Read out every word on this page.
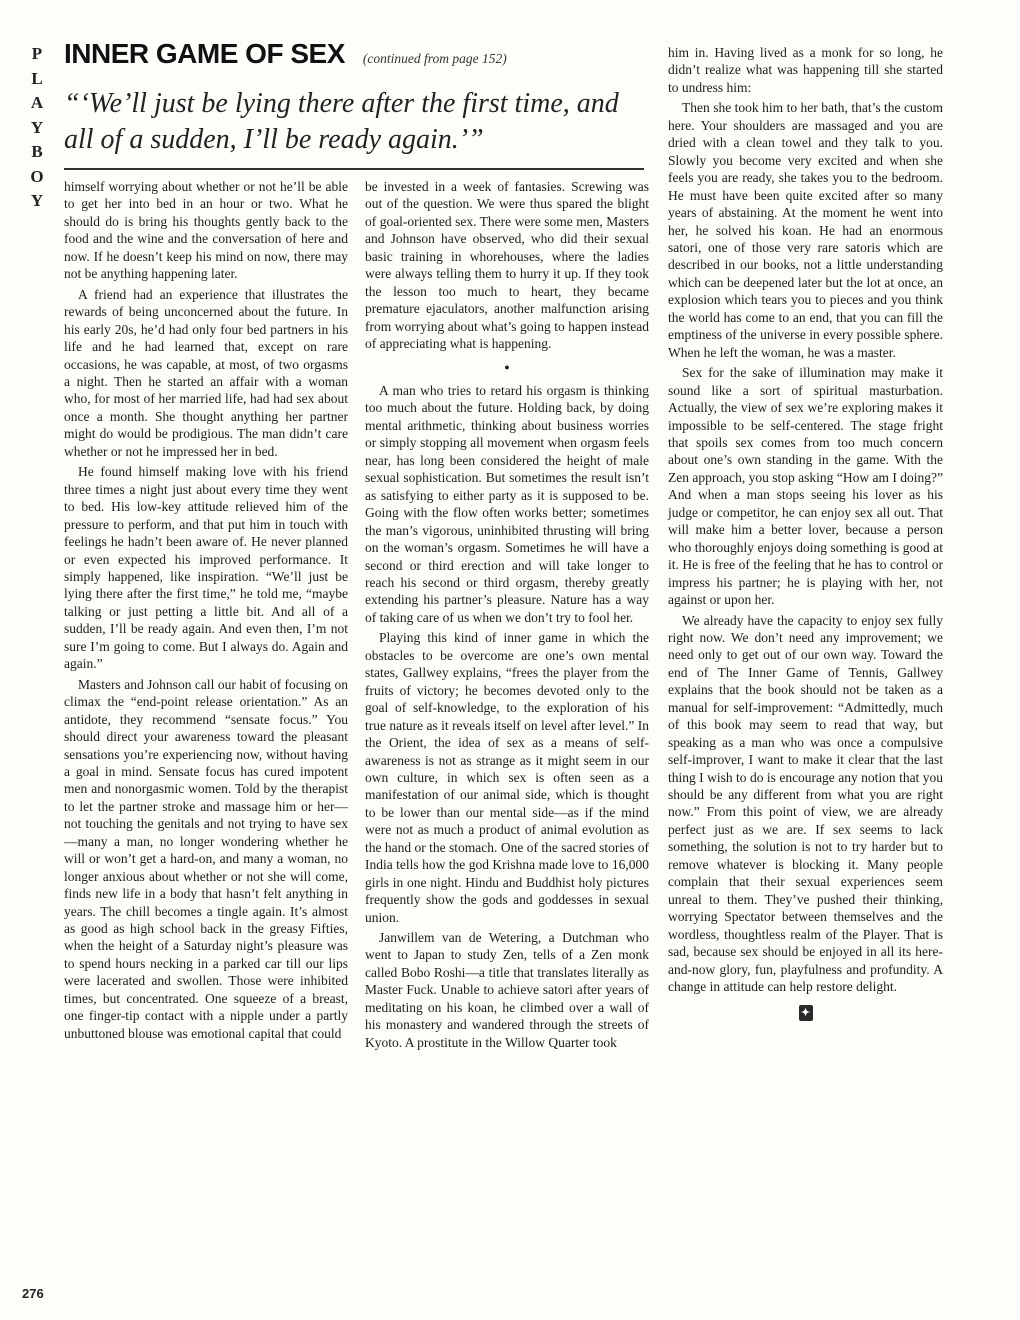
P
L
A
Y
B
O
Y
276
INNER GAME OF SEX (continued from page 152)
“‘We’ll just be lying there after the first time, and all of a sudden, I’ll be ready again.’”

himself worrying about whether or not he’ll be able to get her into bed in an hour or two. What he should do is bring his thoughts gently back to the food and the wine and the conversation of here and now. If he doesn’t keep his mind on now, there may not be anything happening later.

A friend had an experience that illustrates the rewards of being unconcerned about the future. In his early 20s, he’d had only four bed partners in his life and he had learned that, except on rare occasions, he was capable, at most, of two orgasms a night. Then he started an affair with a woman who, for most of her married life, had had sex about once a month. She thought anything her partner might do would be prodigious. The man didn’t care whether or not he impressed her in bed.

He found himself making love with his friend three times a night just about every time they went to bed. His low-key attitude relieved him of the pressure to perform, and that put him in touch with feelings he hadn’t been aware of. He never planned or even expected his improved performance. It simply happened, like inspiration. “We’ll just be lying there after the first time,” he told me, “maybe talking or just petting a little bit. And all of a sudden, I’ll be ready again. And even then, I’m not sure I’m going to come. But I always do. Again and again.”

Masters and Johnson call our habit of focusing on climax the “end-point release orientation.” As an antidote, they recommend “sensate focus.” You should direct your awareness toward the pleasant sensations you’re experiencing now, without having a goal in mind. Sensate focus has cured impotent men and nonorgasmic women. Told by the therapist to let the partner stroke and massage him or her—not touching the genitals and not trying to have sex—many a man, no longer wondering whether he will or won’t get a hard-on, and many a woman, no longer anxious about whether or not she will come, finds new life in a body that hasn’t felt anything in years. The chill becomes a tingle again. It’s almost as good as high school back in the greasy Fifties, when the height of a Saturday night’s pleasure was to spend hours necking in a parked car till our lips were lacerated and swollen. Those were inhibited times, but concentrated. One squeeze of a breast, one finger-tip contact with a nipple under a partly unbuttoned blouse was emotional capital that could

be invested in a week of fantasies. Screwing was out of the question. We were thus spared the blight of goal-oriented sex. There were some men, Masters and Johnson have observed, who did their sexual basic training in whorehouses, where the ladies were always telling them to hurry it up. If they took the lesson too much to heart, they became premature ejaculators, another malfunction arising from worrying about what’s going to happen instead of appreciating what is happening.

●

A man who tries to retard his orgasm is thinking too much about the future. Holding back, by doing mental arithmetic, thinking about business worries or simply stopping all movement when orgasm feels near, has long been considered the height of male sexual sophistication. But sometimes the result isn’t as satisfying to either party as it is supposed to be. Going with the flow often works better; sometimes the man’s vigorous, uninhibited thrusting will bring on the woman’s orgasm. Sometimes he will have a second or third erection and will take longer to reach his second or third orgasm, thereby greatly extending his partner’s pleasure. Nature has a way of taking care of us when we don’t try to fool her.

Playing this kind of inner game in which the obstacles to be overcome are one’s own mental states, Gallwey explains, “frees the player from the fruits of victory; he becomes devoted only to the goal of self-knowledge, to the exploration of his true nature as it reveals itself on level after level.” In the Orient, the idea of sex as a means of self-awareness is not as strange as it might seem in our own culture, in which sex is often seen as a manifestation of our animal side, which is thought to be lower than our mental side—as if the mind were not as much a product of animal evolution as the hand or the stomach. One of the sacred stories of India tells how the god Krishna made love to 16,000 girls in one night. Hindu and Buddhist holy pictures frequently show the gods and goddesses in sexual union.

Janwillem van de Wetering, a Dutchman who went to Japan to study Zen, tells of a Zen monk called Bobo Roshi—a title that translates literally as Master Fuck. Unable to achieve satori after years of meditating on his koan, he climbed over a wall of his monastery and wandered through the streets of Kyoto. A prostitute in the Willow Quarter took

him in. Having lived as a monk for so long, he didn’t realize what was happening till she started to undress him:

Then she took him to her bath, that’s the custom here. Your shoulders are massaged and you are dried with a clean towel and they talk to you. Slowly you become very excited and when she feels you are ready, she takes you to the bedroom. He must have been quite excited after so many years of abstaining. At the moment he went into her, he solved his koan. He had an enormous satori, one of those very rare satoris which are described in our books, not a little understanding which can be deepened later but the lot at once, an explosion which tears you to pieces and you think the world has come to an end, that you can fill the emptiness of the universe in every possible sphere. When he left the woman, he was a master.

Sex for the sake of illumination may make it sound like a sort of spiritual masturbation. Actually, the view of sex we’re exploring makes it impossible to be self-centered. The stage fright that spoils sex comes from too much concern about one’s own standing in the game. With the Zen approach, you stop asking “How am I doing?” And when a man stops seeing his lover as his judge or competitor, he can enjoy sex all out. That will make him a better lover, because a person who thoroughly enjoys doing something is good at it. He is free of the feeling that he has to control or impress his partner; he is playing with her, not against or upon her.

We already have the capacity to enjoy sex fully right now. We don’t need any improvement; we need only to get out of our own way. Toward the end of The Inner Game of Tennis, Gallwey explains that the book should not be taken as a manual for self-improvement: “Admittedly, much of this book may seem to read that way, but speaking as a man who was once a compulsive self-improver, I want to make it clear that the last thing I wish to do is encourage any notion that you should be any different from what you are right now.” From this point of view, we are already perfect just as we are. If sex seems to lack something, the solution is not to try harder but to remove whatever is blocking it. Many people complain that their sexual experiences seem unreal to them. They’ve pushed their thinking, worrying Spectator between themselves and the wordless, thoughtless realm of the Player. That is sad, because sex should be enjoyed in all its here-and-now glory, fun, playfulness and profundity. A change in attitude can help restore delight.

✦
